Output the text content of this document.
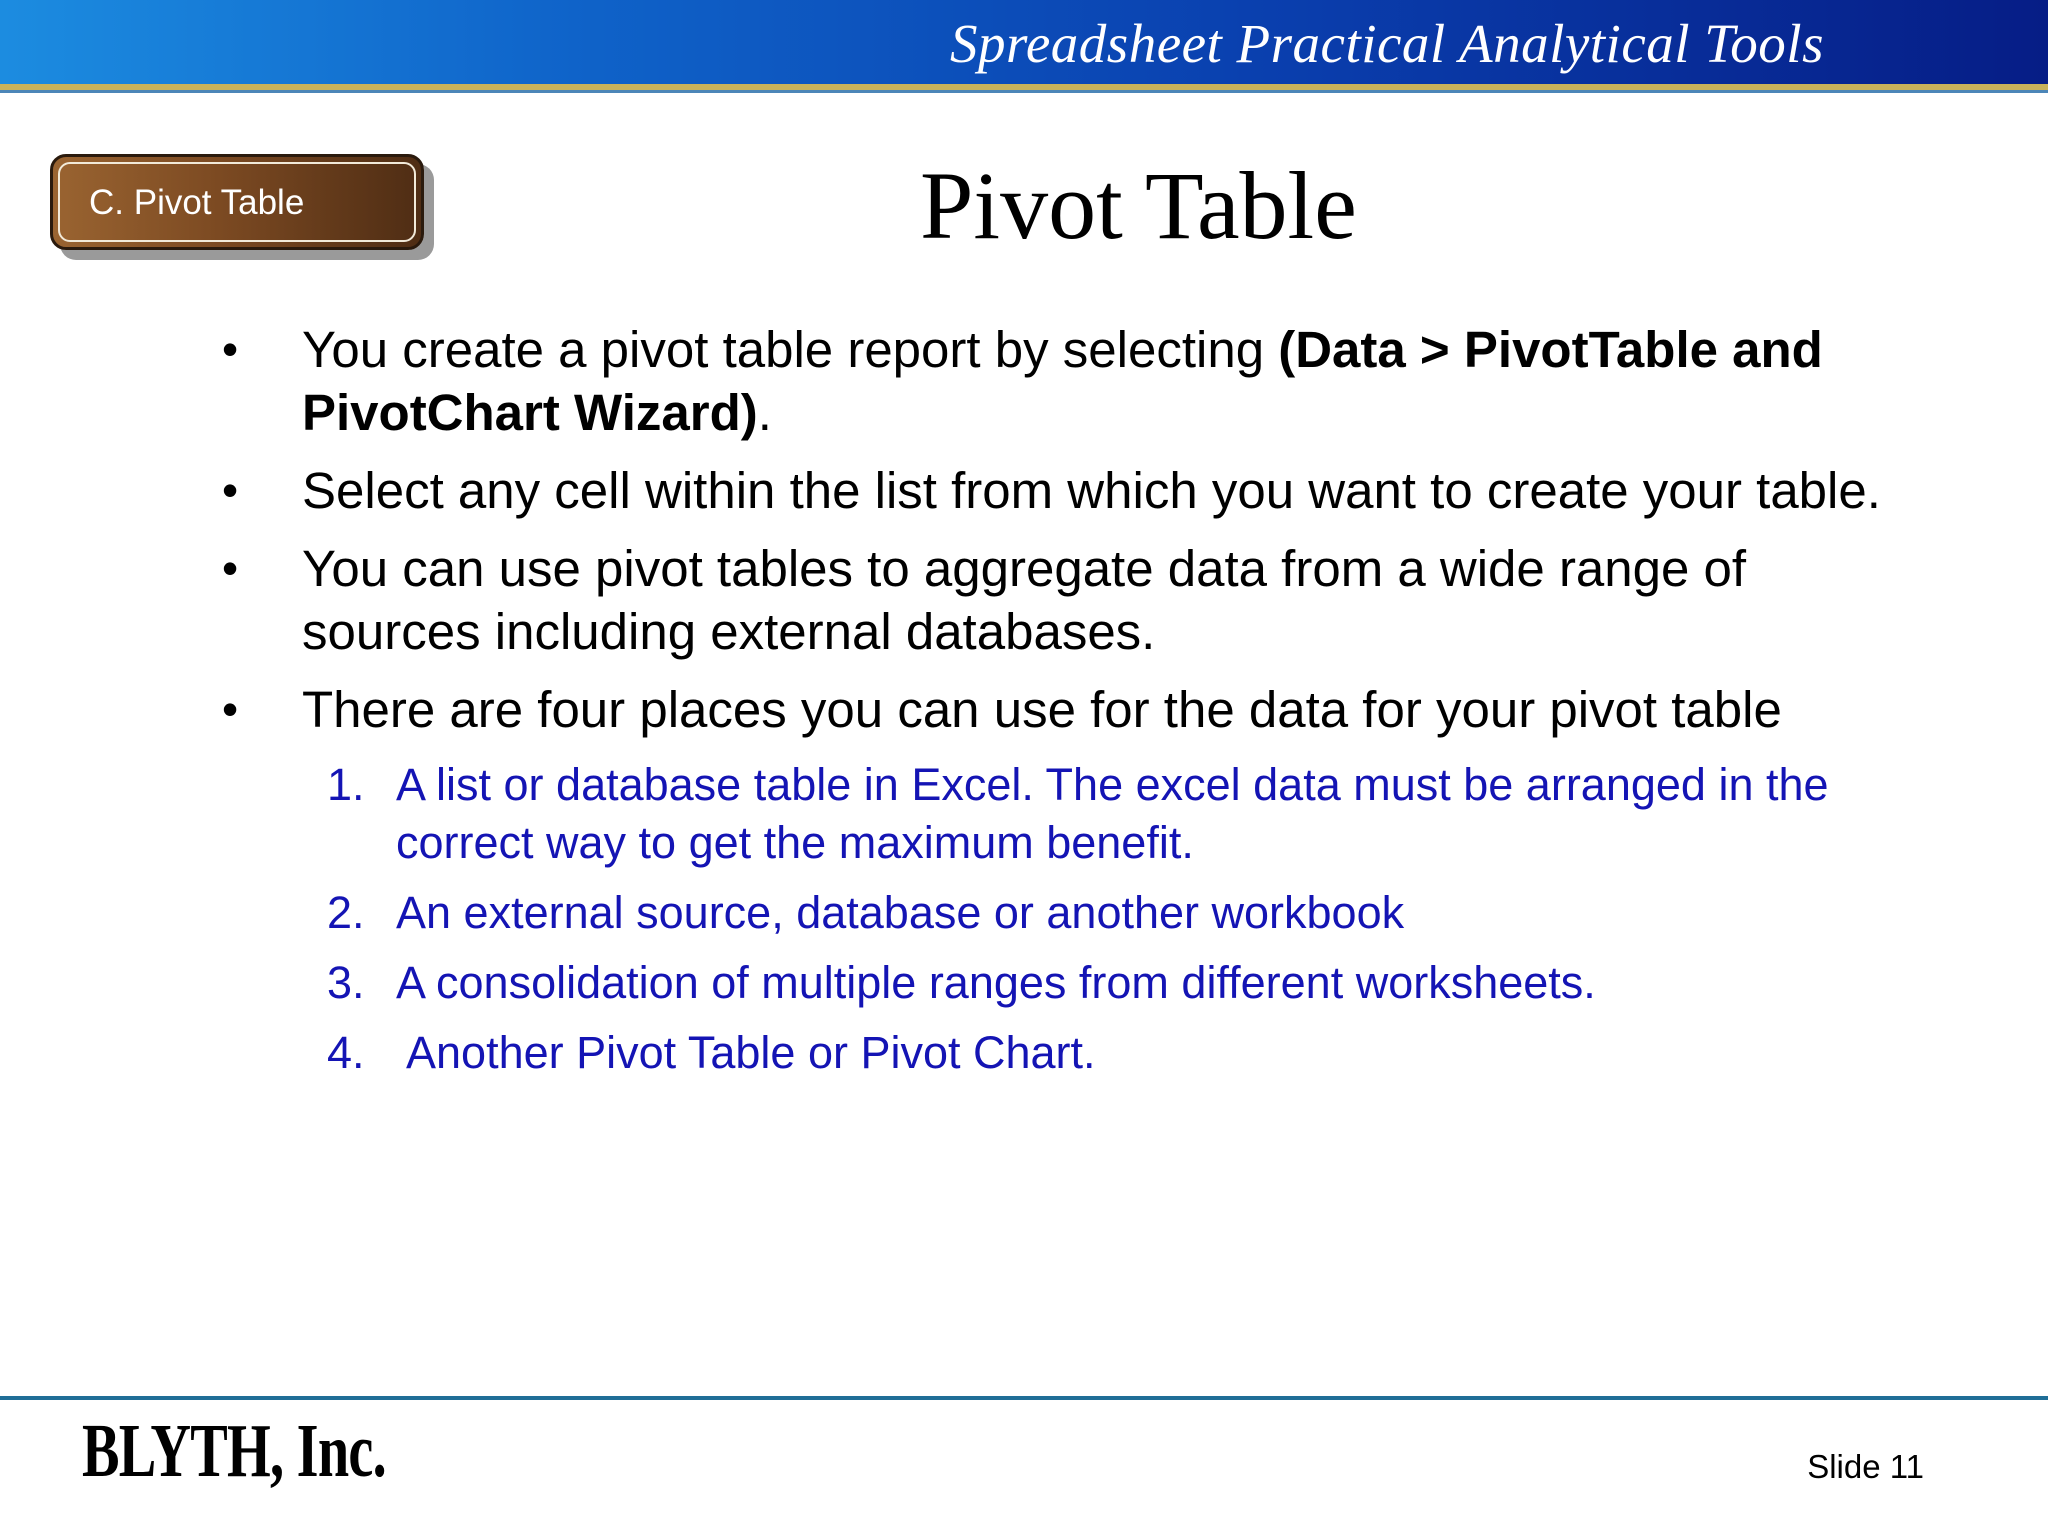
Spreadsheet Practical Analytical Tools
C. Pivot Table	Pivot Table
• You create a pivot table report by selecting (Data > PivotTable and PivotChart Wizard).
• Select any cell within the list from which you want to create your table.
• You can use pivot tables to aggregate data from a wide range of sources including external databases.
• There are four places you can use for the data for your pivot table
1. A list or database table in Excel. The excel data must be arranged in the correct way to get the maximum benefit.
2. An external source, database or another workbook
3. A consolidation of multiple ranges from different worksheets.
4. Another Pivot Table or Pivot Chart.
BLYTH, Inc.	Slide 11
